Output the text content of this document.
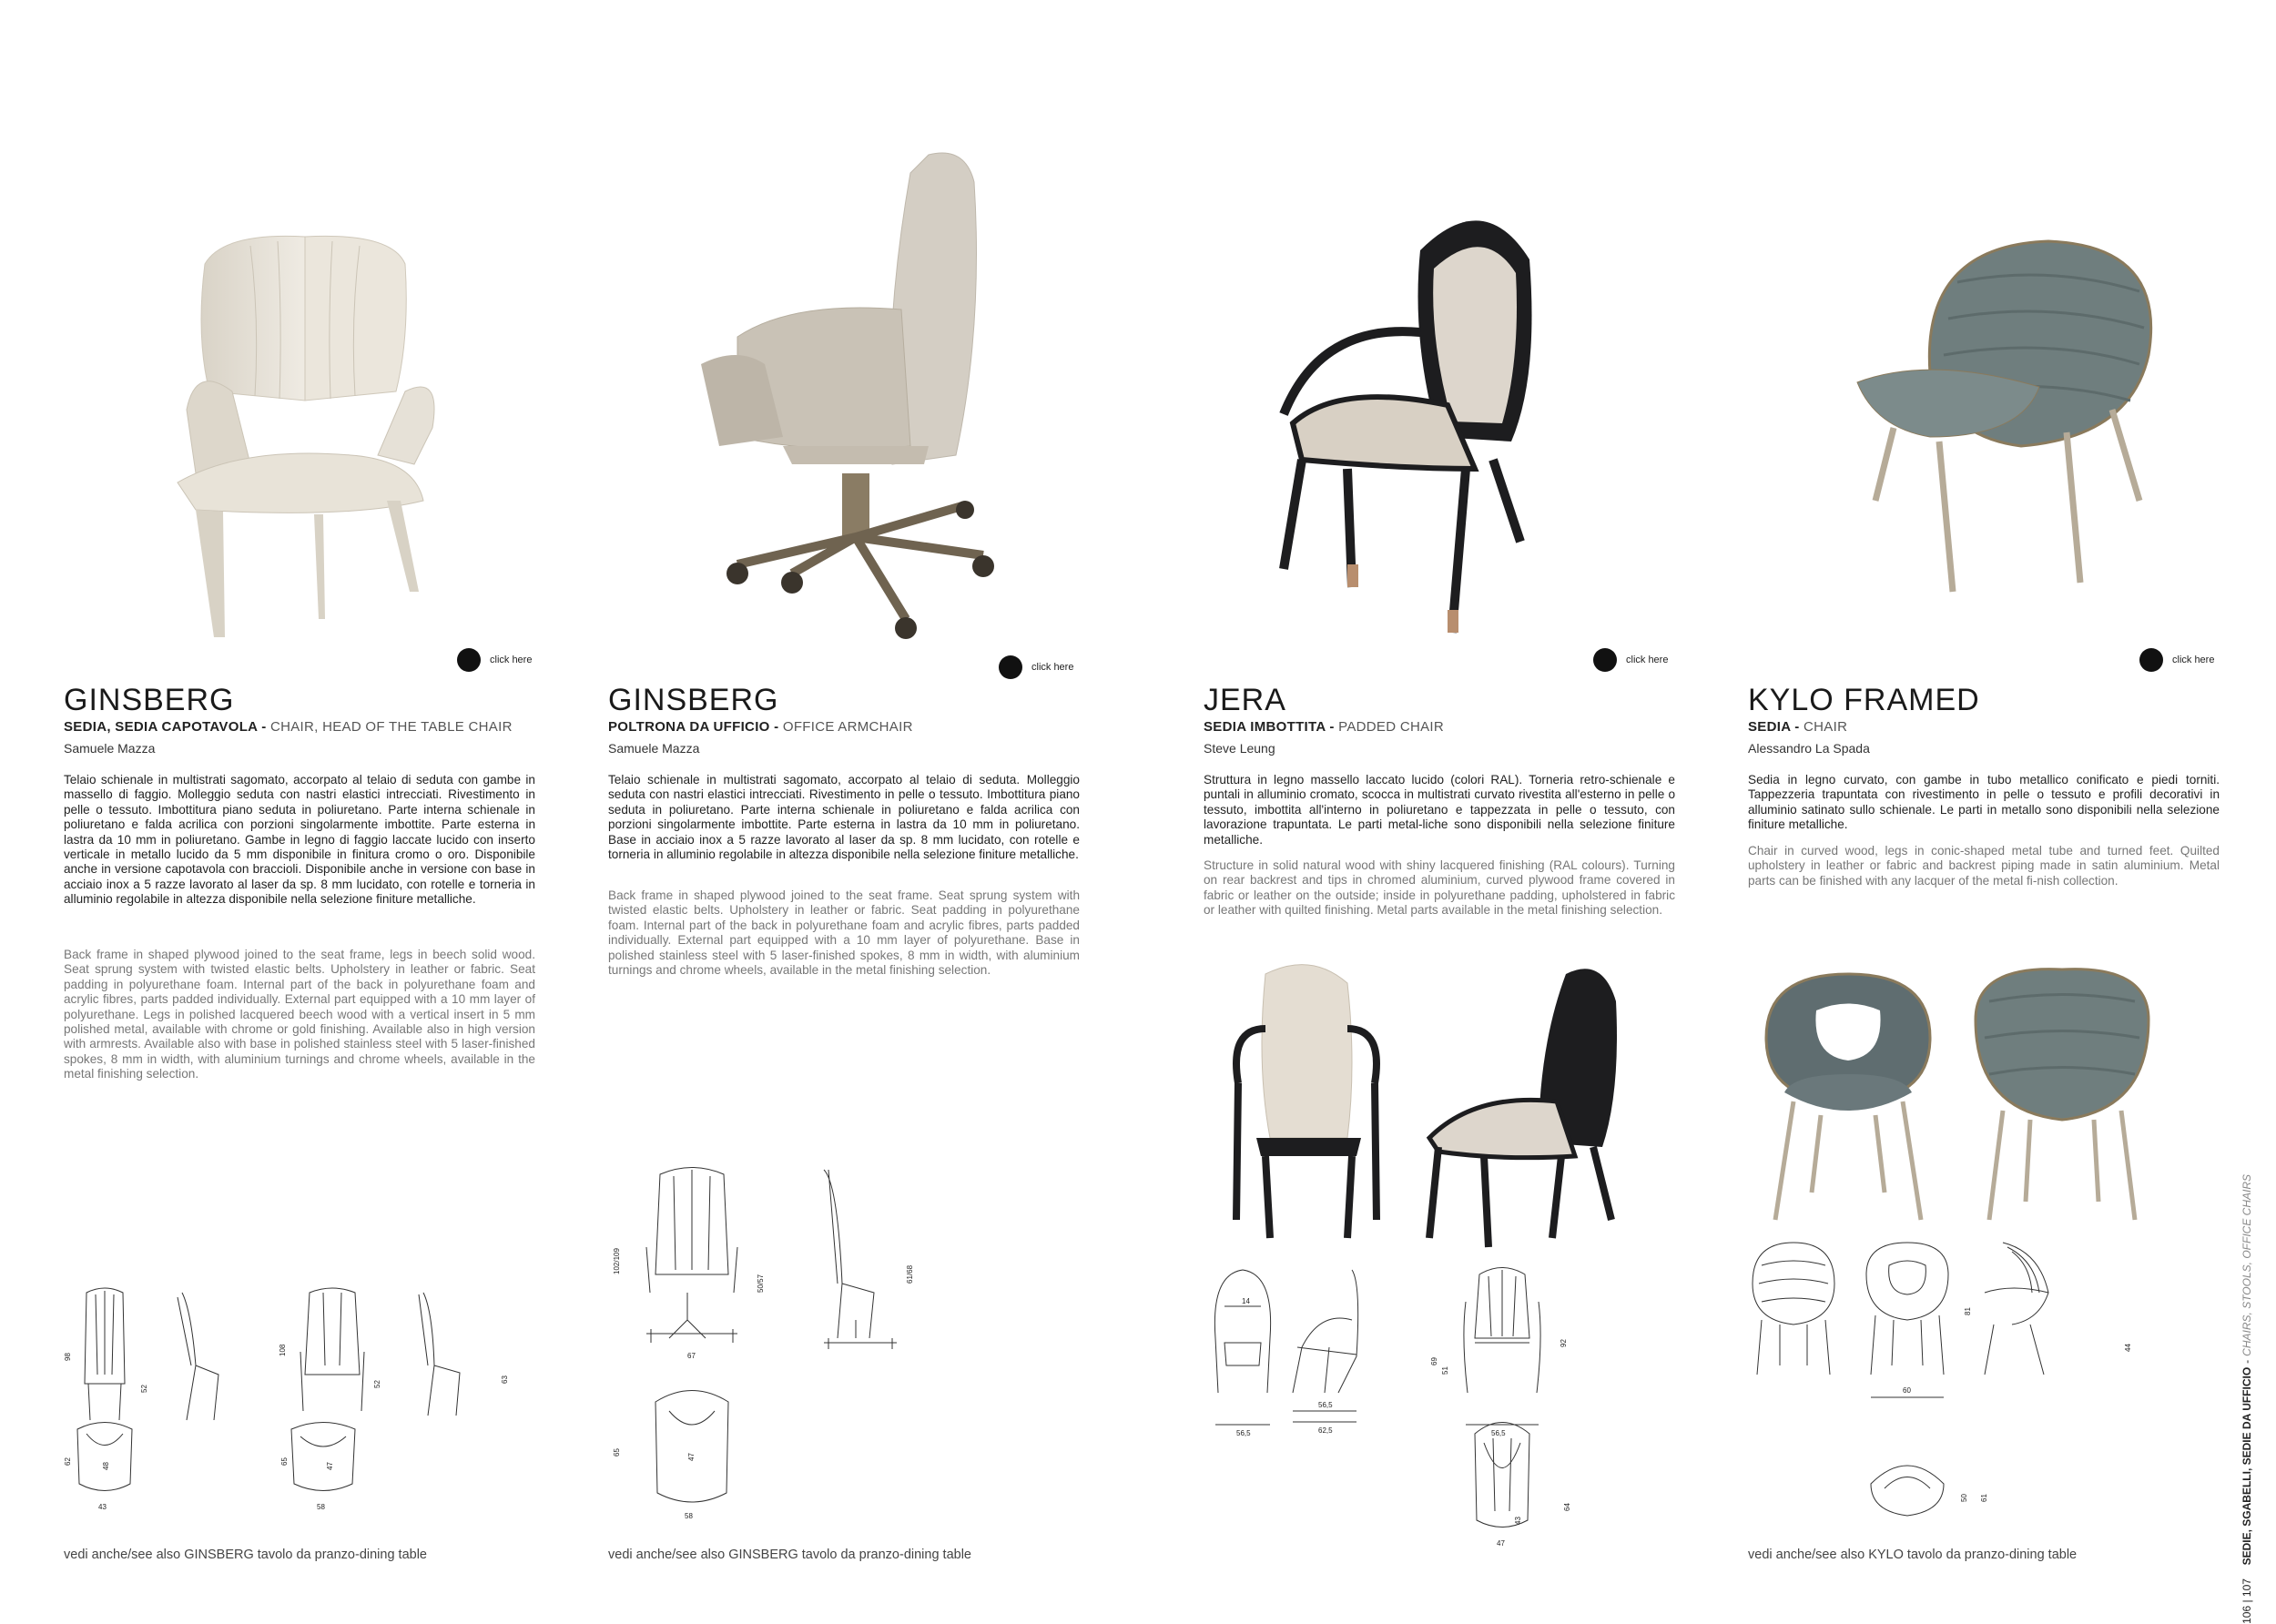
click here
GINSBERG
SEDIA, SEDIA CAPOTAVOLA - CHAIR, HEAD OF THE TABLE CHAIR
Samuele Mazza

Telaio schienale in multistrati sagomato, accorpato al telaio di seduta con gambe in massello di faggio. Molleggio seduta con nastri elastici intrecciati. Rivestimento in pelle o tessuto. Imbottitura piano seduta in poliuretano. Parte interna schienale in poliuretano e falda acrilica con porzioni singolarmente imbottite. Parte esterna in lastra da 10 mm in poliuretano. Gambe in legno di faggio laccate lucido con inserto verticale in metallo lucido da 5 mm disponibile in finitura cromo o oro. Disponibile anche in versione capotavola con braccioli. Disponibile anche in versione con base in acciaio inox a 5 razze lavorato al laser da sp. 8 mm lucidato, con rotelle e torneria in alluminio regolabile in altezza disponibile nella selezione finiture metalliche.

Back frame in shaped plywood joined to the seat frame, legs in beech solid wood. Seat sprung system with twisted elastic belts. Upholstery in leather or fabric. Seat padding in polyurethane foam. Internal part of the back in polyurethane foam and acrylic fibres, parts padded individually. External part equipped with a 10 mm layer of polyurethane. Legs in polished lacquered beech wood with a vertical insert in 5 mm polished metal, available with chrome or gold finishing. Available also in high version with armrests. Available also with base in polished stainless steel with 5 laser-finished spokes, 8 mm in width, with aluminium turnings and chrome wheels, available in the metal finishing selection.

98
52
108
52
63
62
48
43
65
47
58
vedi anche/see also GINSBERG tavolo da pranzo-dining table
click here
GINSBERG
POLTRONA DA UFFICIO - OFFICE ARMCHAIR
Samuele Mazza

Telaio schienale in multistrati sagomato, accorpato al telaio di seduta. Molleggio seduta con nastri elastici intrecciati. Rivestimento in pelle o tessuto. Imbottitura piano seduta in poliuretano. Parte interna schienale in poliuretano e falda acrilica con porzioni singolarmente imbottite. Parte esterna in lastra da 10 mm in poliuretano. Base in acciaio inox a 5 razze lavorato al laser da sp. 8 mm lucidato, con rotelle e torneria in alluminio regolabile in altezza disponibile nella selezione finiture metalliche.

Back frame in shaped plywood joined to the seat frame. Seat sprung system with twisted elastic belts. Upholstery in leather or fabric. Seat padding in polyurethane foam. Internal part of the back in polyurethane foam and acrylic fibres, parts padded individually. External part equipped with a 10 mm layer of polyurethane. Base in polished stainless steel with 5 laser-finished spokes, 8 mm in width, with aluminium turnings and chrome wheels, available in the metal finishing selection.

102/109
50/57	61/68
67
65
47
58
vedi anche/see also GINSBERG tavolo da pranzo-dining table
click here
JERA
SEDIA IMBOTTITA - PADDED CHAIR
Steve Leung

Struttura in legno massello laccato lucido (colori RAL). Torneria retro-schienale e puntali in alluminio cromato, scocca in multistrati curvato rivestita all'esterno in pelle o tessuto, imbottita all'interno in poliuretano e tappezzata in pelle o tessuto, con lavorazione trapuntata. Le parti metal-liche sono disponibili nella selezione finiture metalliche.

Structure in solid natural wood with shiny lacquered finishing (RAL colours). Turning on rear backrest and tips in chromed aluminium, curved plywood frame covered in fabric or leather on the outside; inside in polyurethane padding, upholstered in fabric or leather with quilted finishing. Metal parts available in the metal finishing selection.

14
56,5
56,5
62,5
69
51
56,5
92
43
64
47
click here
KYLO FRAMED
SEDIA - CHAIR
Alessandro La Spada

Sedia in legno curvato, con gambe in tubo metallico conificato e piedi torniti. Tappezzeria trapuntata con rivestimento in pelle o tessuto e profili decorativi in alluminio satinato sullo schienale. Le parti in metallo sono disponibili nella selezione finiture metalliche.

Chair in curved wood, legs in conic-shaped metal tube and turned feet. Quilted upholstery in leather or fabric and backrest piping made in satin aluminium. Metal parts can be finished with any lacquer of the metal fi-nish collection.

81
44
60
50 61
vedi anche/see also KYLO tavolo da pranzo-dining table
106 | 107

SEDIE, SGABELLI, SEDIE DA UFFICIO
-
CHAIRS, STOOLS, OFFICE CHAIRS
